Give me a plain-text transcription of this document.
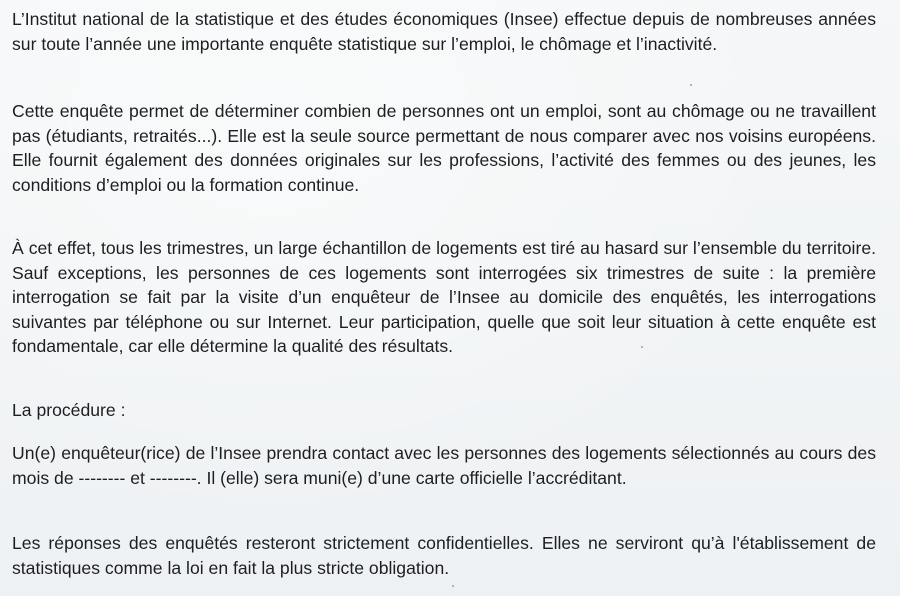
L’Institut national de la statistique et des études économiques (Insee) effectue depuis de nombreuses années sur toute l’année une importante enquête statistique sur l’emploi, le chômage et l’inactivité.

Cette enquête permet de déterminer combien de personnes ont un emploi, sont au chômage ou ne travaillent pas (étudiants, retraités...). Elle est la seule source permettant de nous comparer avec nos voisins européens. Elle fournit également des données originales sur les professions, l’activité des femmes ou des jeunes, les conditions d’emploi ou la formation continue.

À cet effet, tous les trimestres, un large échantillon de logements est tiré au hasard sur l’ensemble du territoire. Sauf exceptions, les personnes de ces logements sont interrogées six trimestres de suite : la première interrogation se fait par la visite d’un enquêteur de l’Insee au domicile des enquêtés, les interrogations suivantes par téléphone ou sur Internet. Leur participation, quelle que soit leur situation à cette enquête est fondamentale, car elle détermine la qualité des résultats.

La procédure :

Un(e) enquêteur(rice) de l’Insee prendra contact avec les personnes des logements sélectionnés au cours des mois de -------- et --------. Il (elle) sera muni(e) d’une carte officielle l’accréditant.

Les réponses des enquêtés resteront strictement confidentielles. Elles ne serviront qu’à l'établissement de statistiques comme la loi en fait la plus stricte obligation.
